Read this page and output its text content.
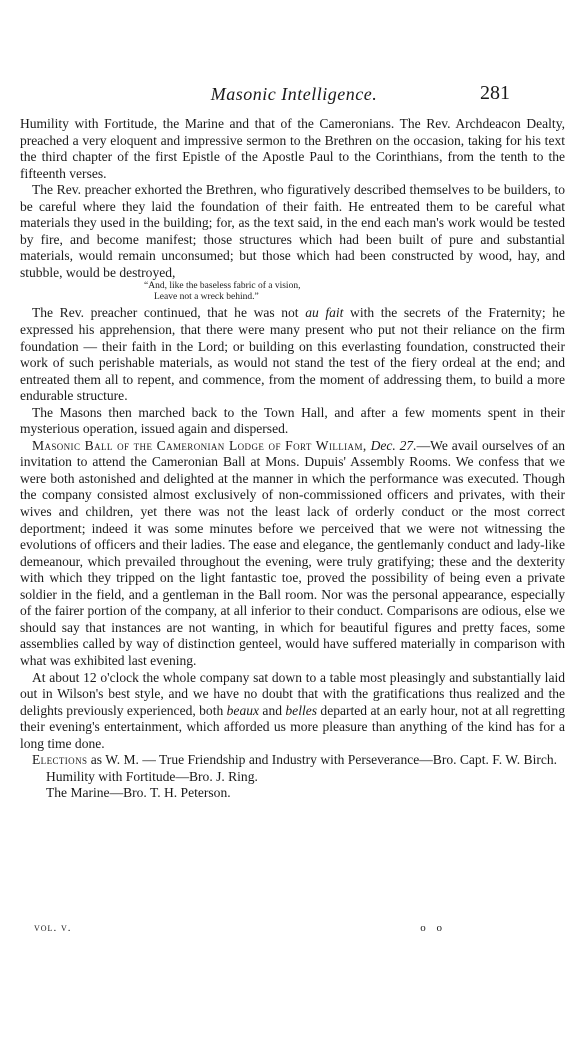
Masonic Intelligence.	281

Humility with Fortitude, the Marine and that of the Cameronians. The Rev. Archdeacon Dealty, preached a very eloquent and impressive sermon to the Brethren on the occasion, taking for his text the third chapter of the first Epistle of the Apostle Paul to the Corinthians, from the tenth to the fifteenth verses.

The Rev. preacher exhorted the Brethren, who figuratively described themselves to be builders, to be careful where they laid the foundation of their faith. He entreated them to be careful what materials they used in the building; for, as the text said, in the end each man's work would be tested by fire, and become manifest; those structures which had been built of pure and substantial materials, would remain unconsumed; but those which had been constructed by wood, hay, and stubble, would be destroyed,

“And, like the baseless fabric of a vision,
Leave not a wreck behind.”

The Rev. preacher continued, that he was not au fait with the secrets of the Fraternity; he expressed his apprehension, that there were many present who put not their reliance on the firm foundation — their faith in the Lord; or building on this everlasting foundation, constructed their work of such perishable materials, as would not stand the test of the fiery ordeal at the end; and entreated them all to repent, and commence, from the moment of addressing them, to build a more endurable structure.

The Masons then marched back to the Town Hall, and after a few moments spent in their mysterious operation, issued again and dispersed.

Masonic Ball of the Cameronian Lodge of Fort William, Dec. 27.—We avail ourselves of an invitation to attend the Cameronian Ball at Mons. Dupuis' Assembly Rooms. We confess that we were both astonished and delighted at the manner in which the performance was executed. Though the company consisted almost exclusively of non-commissioned officers and privates, with their wives and children, yet there was not the least lack of orderly conduct or the most correct deportment; indeed it was some minutes before we perceived that we were not witnessing the evolutions of officers and their ladies. The ease and elegance, the gentlemanly conduct and lady-like demeanour, which prevailed throughout the evening, were truly gratifying; these and the dexterity with which they tripped on the light fantastic toe, proved the possibility of being even a private soldier in the field, and a gentleman in the Ball room. Nor was the personal appearance, especially of the fairer portion of the company, at all inferior to their conduct. Comparisons are odious, else we should say that instances are not wanting, in which for beautiful figures and pretty faces, some assemblies called by way of distinction genteel, would have suffered materially in comparison with what was exhibited last evening.

At about 12 o'clock the whole company sat down to a table most pleasingly and substantially laid out in Wilson's best style, and we have no doubt that with the gratifications thus realized and the delights previously experienced, both beaux and belles departed at an early hour, not at all regretting their evening's entertainment, which afforded us more pleasure than anything of the kind has for a long time done.

Elections as W. M. — True Friendship and Industry with Perseverance—Bro. Capt. F. W. Birch.

Humility with Fortitude—Bro. J. Ring.

The Marine—Bro. T. H. Peterson.

vol. v.	o o
